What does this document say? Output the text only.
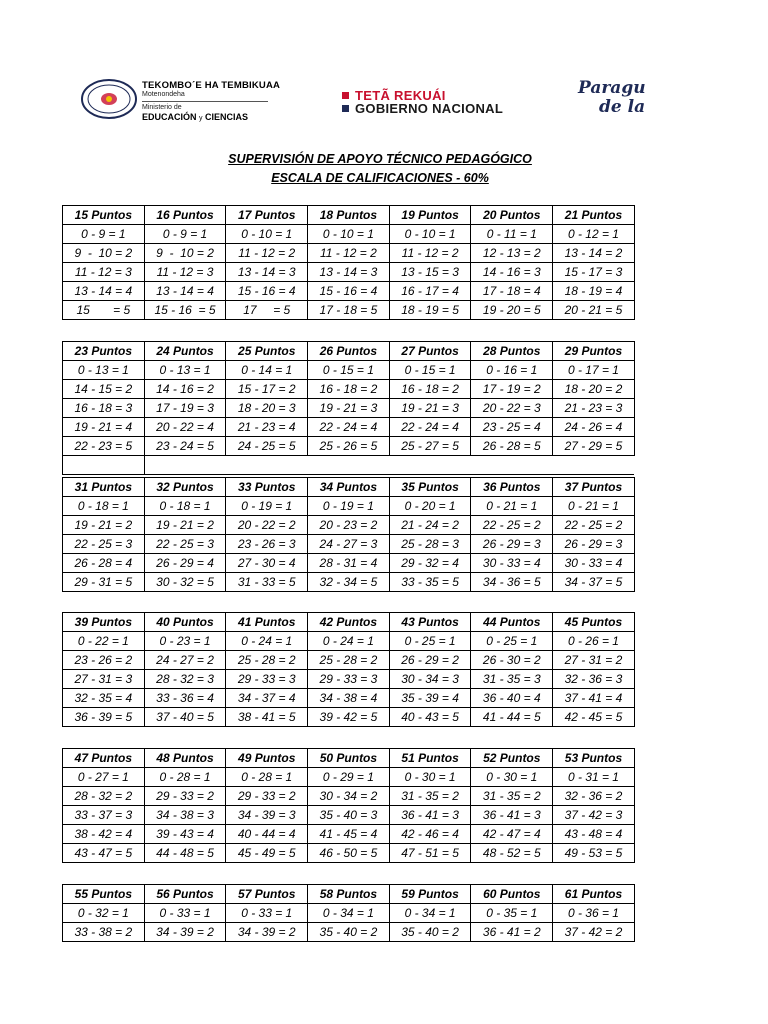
TEKOMBO´E HA TEMBIKUAA
Motenondeha
Ministerio de
EDUCACIÓN y CIENCIAS
TETÃ REKUÁI
GOBIERNO NACIONAL
Paragu
de la
SUPERVISIÓN DE APOYO TÉCNICO PEDAGÓGICO
ESCALA DE CALIFICACIONES - 60%
15 Puntos	16 Puntos	17 Puntos	18 Puntos	19 Puntos	20 Puntos	21 Puntos
0 - 9 = 1	0 - 9 = 1	0 - 10 = 1	0 - 10 = 1	0 - 10 = 1	0 - 11 = 1	0 - 12 = 1
9  -  10 = 2	9  -  10 = 2	11 - 12 = 2	11 - 12 = 2	11 - 12 = 2	12 - 13 = 2	13 - 14 = 2
11 - 12 = 3	11 - 12 = 3	13 - 14 = 3	13 - 14 = 3	13 - 15 = 3	14 - 16 = 3	15 - 17 = 3
13 - 14 = 4	13 - 14 = 4	15 - 16 = 4	15 - 16 = 4	16 - 17 = 4	17 - 18 = 4	18 - 19 = 4
15       = 5	15 - 16  = 5	17     = 5	17 - 18 = 5	18 - 19 = 5	19 - 20 = 5	20 - 21 = 5
23 Puntos	24 Puntos	25 Puntos	26 Puntos	27 Puntos	28 Puntos	29 Puntos
0 - 13 = 1	0 - 13 = 1	0 - 14 = 1	0 - 15 = 1	0 - 15 = 1	0 - 16 = 1	0 - 17 = 1
14 - 15 = 2	14 - 16 = 2	15 - 17 = 2	16 - 18 = 2	16 - 18 = 2	17 - 19 = 2	18 - 20 = 2
16 - 18 = 3	17 - 19 = 3	18 - 20 = 3	19 - 21 = 3	19 - 21 = 3	20 - 22 = 3	21 - 23 = 3
19 - 21 = 4	20 - 22 = 4	21 - 23 = 4	22 - 24 = 4	22 - 24 = 4	23 - 25 = 4	24 - 26 = 4
22 - 23 = 5	23 - 24 = 5	24 - 25 = 5	25 - 26 = 5	25 - 27 = 5	26 - 28 = 5	27 - 29 = 5

31 Puntos	32 Puntos	33 Puntos	34 Puntos	35 Puntos	36 Puntos	37 Puntos
0 - 18 = 1	0 - 18 = 1	0 - 19 = 1	0 - 19 = 1	0 - 20 = 1	0 - 21 = 1	0 - 21 = 1
19 - 21 = 2	19 - 21 = 2	20 - 22 = 2	20 - 23 = 2	21 - 24 = 2	22 - 25 = 2	22 - 25 = 2
22 - 25 = 3	22 - 25 = 3	23 - 26 = 3	24 - 27 = 3	25 - 28 = 3	26 - 29 = 3	26 - 29 = 3
26 - 28 = 4	26 - 29 = 4	27 - 30 = 4	28 - 31 = 4	29 - 32 = 4	30 - 33 = 4	30 - 33 = 4
29 - 31 = 5	30 - 32 = 5	31 - 33 = 5	32 - 34 = 5	33 - 35 = 5	34 - 36 = 5	34 - 37 = 5
39 Puntos	40 Puntos	41 Puntos	42 Puntos	43 Puntos	44 Puntos	45 Puntos
0 - 22 = 1	0 - 23 = 1	0 - 24 = 1	0 - 24 = 1	0 - 25 = 1	0 - 25 = 1	0 - 26 = 1
23 - 26 = 2	24 - 27 = 2	25 - 28 = 2	25 - 28 = 2	26 - 29 = 2	26 - 30 = 2	27 - 31 = 2
27 - 31 = 3	28 - 32 = 3	29 - 33 = 3	29 - 33 = 3	30 - 34 = 3	31 - 35 = 3	32 - 36 = 3
32 - 35 = 4	33 - 36 = 4	34 - 37 = 4	34 - 38 = 4	35 - 39 = 4	36 - 40 = 4	37 - 41 = 4
36 - 39 = 5	37 - 40 = 5	38 - 41 = 5	39 - 42 = 5	40 - 43 = 5	41 - 44 = 5	42 - 45 = 5
47 Puntos	48 Puntos	49 Puntos	50 Puntos	51 Puntos	52 Puntos	53 Puntos
0 - 27 = 1	0 - 28 = 1	0 - 28 = 1	0 - 29 = 1	0 - 30 = 1	0 - 30 = 1	0 - 31 = 1
28 - 32 = 2	29 - 33 = 2	29 - 33 = 2	30 - 34 = 2	31 - 35 = 2	31 - 35 = 2	32 - 36 = 2
33 - 37 = 3	34 - 38 = 3	34 - 39 = 3	35 - 40 = 3	36 - 41 = 3	36 - 41 = 3	37 - 42 = 3
38 - 42 = 4	39 - 43 = 4	40 - 44 = 4	41 - 45 = 4	42 - 46 = 4	42 - 47 = 4	43 - 48 = 4
43 - 47 = 5	44 - 48 = 5	45 - 49 = 5	46 - 50 = 5	47 - 51 = 5	48 - 52 = 5	49 - 53 = 5
55 Puntos	56 Puntos	57 Puntos	58 Puntos	59 Puntos	60 Puntos	61 Puntos
0 - 32 = 1	0 - 33 = 1	0 - 33 = 1	0 - 34 = 1	0 - 34 = 1	0 - 35 = 1	0 - 36 = 1
33 - 38 = 2	34 - 39 = 2	34 - 39 = 2	35 - 40 = 2	35 - 40 = 2	36 - 41 = 2	37 - 42 = 2
